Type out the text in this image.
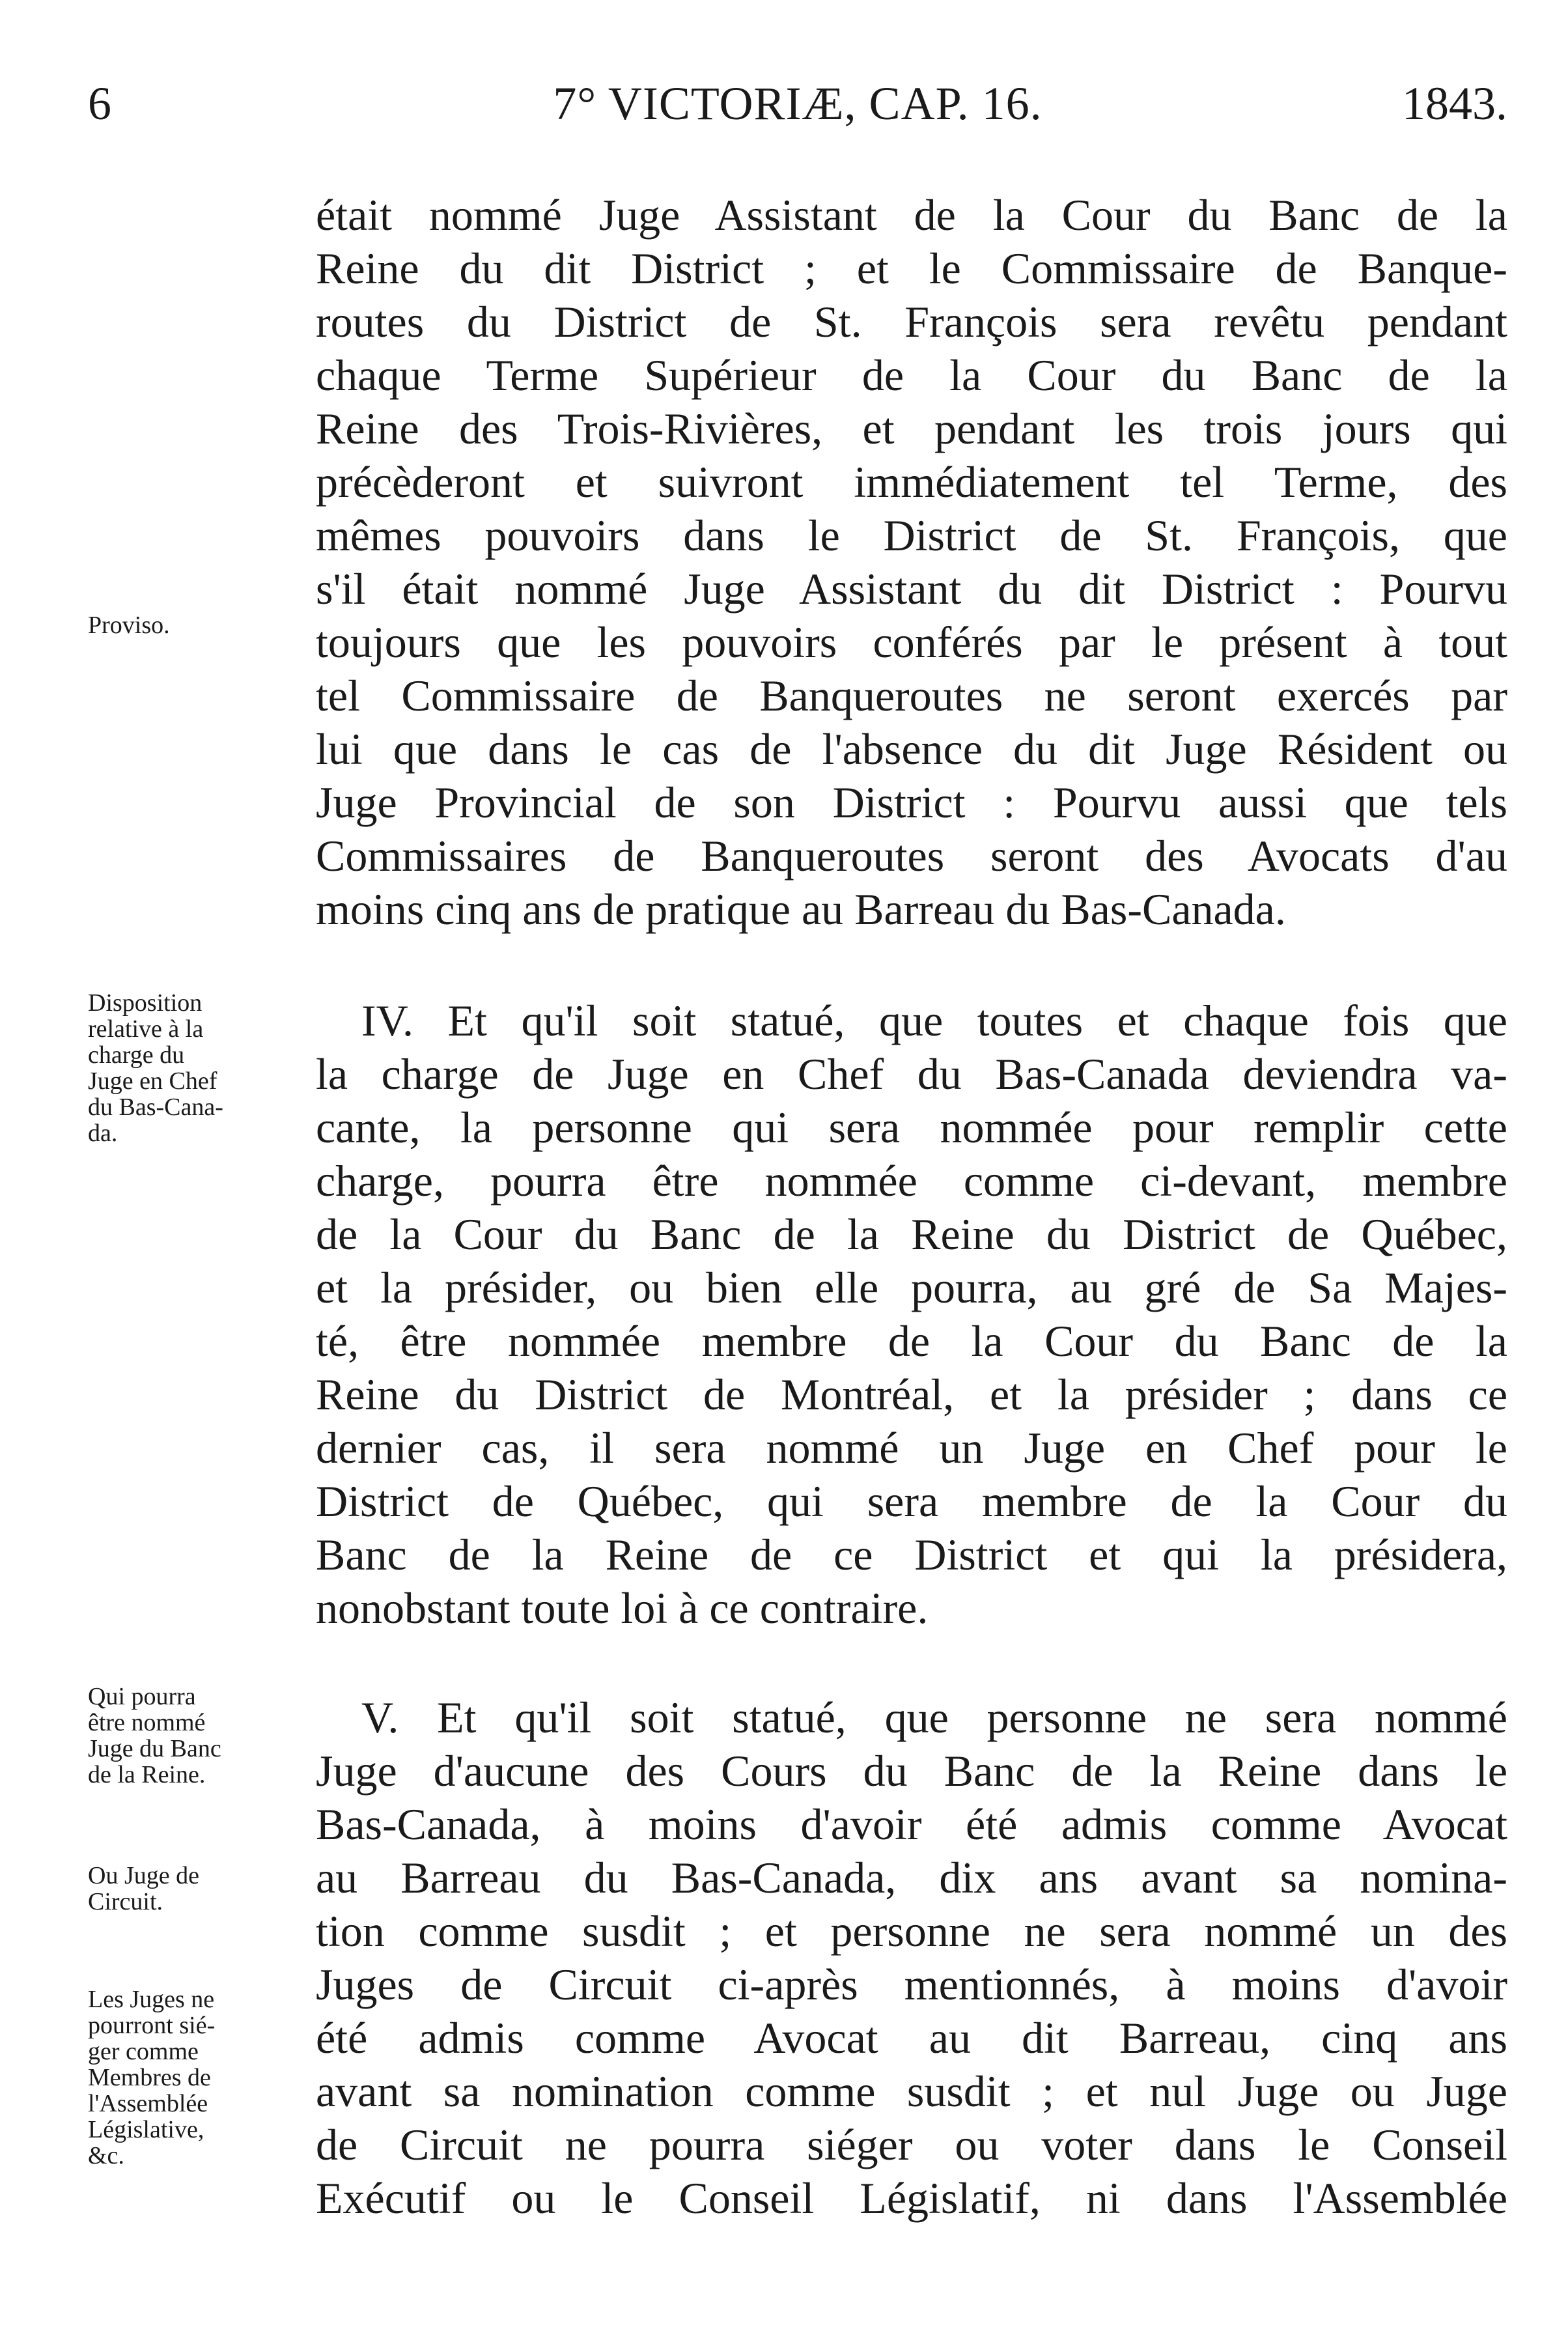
6	7° VICTORIÆ, CAP. 16.	1843.
était nommé Juge Assistant de la Cour du Banc de la
Reine du dit District ; et le Commissaire de Banque-
routes du District de St. François sera revêtu pendant
chaque Terme Supérieur de la Cour du Banc de la
Reine des Trois-Rivières, et pendant les trois jours qui
précèderont et suivront immédiatement tel Terme, des
mêmes pouvoirs dans le District de St. François, que
s'il était nommé Juge Assistant du dit District : Pourvu
toujours que les pouvoirs conférés par le présent à tout
tel Commissaire de Banqueroutes ne seront exercés par
lui que dans le cas de l'absence du dit Juge Résident ou
Juge Provincial de son District : Pourvu aussi que tels
Commissaires de Banqueroutes seront des Avocats d'au
moins cinq ans de pratique au Barreau du Bas-Canada.
IV. Et qu'il soit statué, que toutes et chaque fois que
la charge de Juge en Chef du Bas-Canada deviendra va-
cante, la personne qui sera nommée pour remplir cette
charge, pourra être nommée comme ci-devant, membre
de la Cour du Banc de la Reine du District de Québec,
et la présider, ou bien elle pourra, au gré de Sa Majes-
té, être nommée membre de la Cour du Banc de la
Reine du District de Montréal, et la présider ; dans ce
dernier cas, il sera nommé un Juge en Chef pour le
District de Québec, qui sera membre de la Cour du
Banc de la Reine de ce District et qui la présidera,
nonobstant toute loi à ce contraire.
V. Et qu'il soit statué, que personne ne sera nommé
Juge d'aucune des Cours du Banc de la Reine dans le
Bas-Canada, à moins d'avoir été admis comme Avocat
au Barreau du Bas-Canada, dix ans avant sa nomina-
tion comme susdit ; et personne ne sera nommé un des
Juges de Circuit ci-après mentionnés, à moins d'avoir
été admis comme Avocat au dit Barreau, cinq ans
avant sa nomination comme susdit ; et nul Juge ou Juge
de Circuit ne pourra siéger ou voter dans le Conseil
Exécutif ou le Conseil Législatif, ni dans l'Assemblée
Proviso.
Disposition
relative à la
charge du
Juge en Chef
du Bas-Cana-
da.
Qui pourra
être nommé
Juge du Banc
de la Reine.
Ou Juge de
Circuit.
Les Juges ne
pourront sié-
ger comme
Membres de
l'Assemblée
Législative,
&c.
